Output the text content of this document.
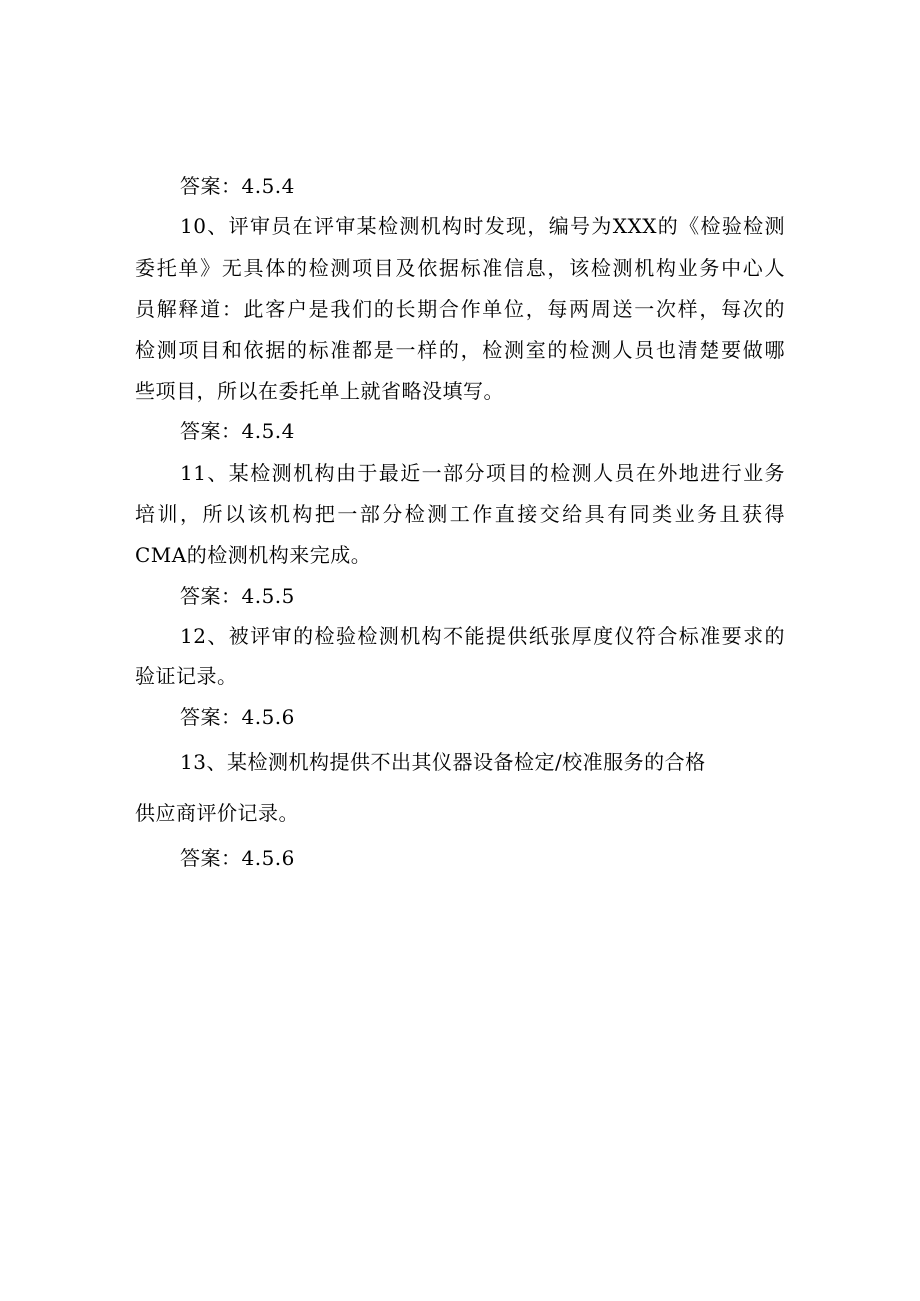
答案：4.5.4

10、评审员在评审某检测机构时发现，编号为XXX的《检验检测

委托单》无具体的检测项目及依据标准信息，该检测机构业务中心人

员解释道：此客户是我们的长期合作单位，每两周送一次样，每次的

检测项目和依据的标准都是一样的，检测室的检测人员也清楚要做哪

些项目，所以在委托单上就省略没填写。

答案：4.5.4

11、某检测机构由于最近一部分项目的检测人员在外地进行业务

培训，所以该机构把一部分检测工作直接交给具有同类业务且获得

CMA的检测机构来完成。

答案：4.5.5

12、被评审的检验检测机构不能提供纸张厚度仪符合标准要求的

验证记录。

答案：4.5.6

13、某检测机构提供不出其仪器设备检定/校准服务的合格

供应商评价记录。

答案：4.5.6
